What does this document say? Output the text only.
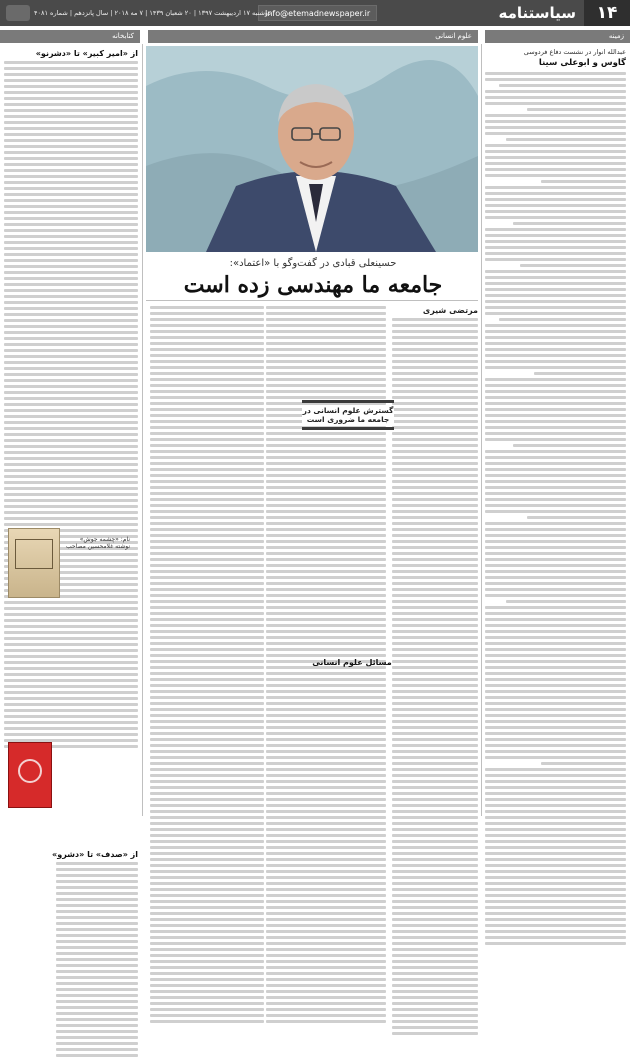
۱۴
سیاستنامه
Info@etemadnewspaper.ir
دوشنبه ۱۷ اردیبهشت ۱۳۹۷ | ۲۰ شعبان ۱۴۳۹ | ۷ مه ۲۰۱۸ | سال پانزدهم | شماره ۴۰۸۱
زمینه
علوم انسانی
کتابخانه
عبدالله انوار در نشست دفاع فردوسی
گاوس و ابوعلی سینا
حسینعلی قبادی در گفت‌وگو با «اعتماد»:
جامعه ما مهندسی زده است
مرتضی شیری
گسترش علوم انسانی در جامعه ما ضروری است
مسائل علوم انسانی
از «امیر کبیر» تا «دشرنو»
از «صدف» تا «دشرو»
نام: «چشمه جوش» نوشته غلامحسین مصاحب
